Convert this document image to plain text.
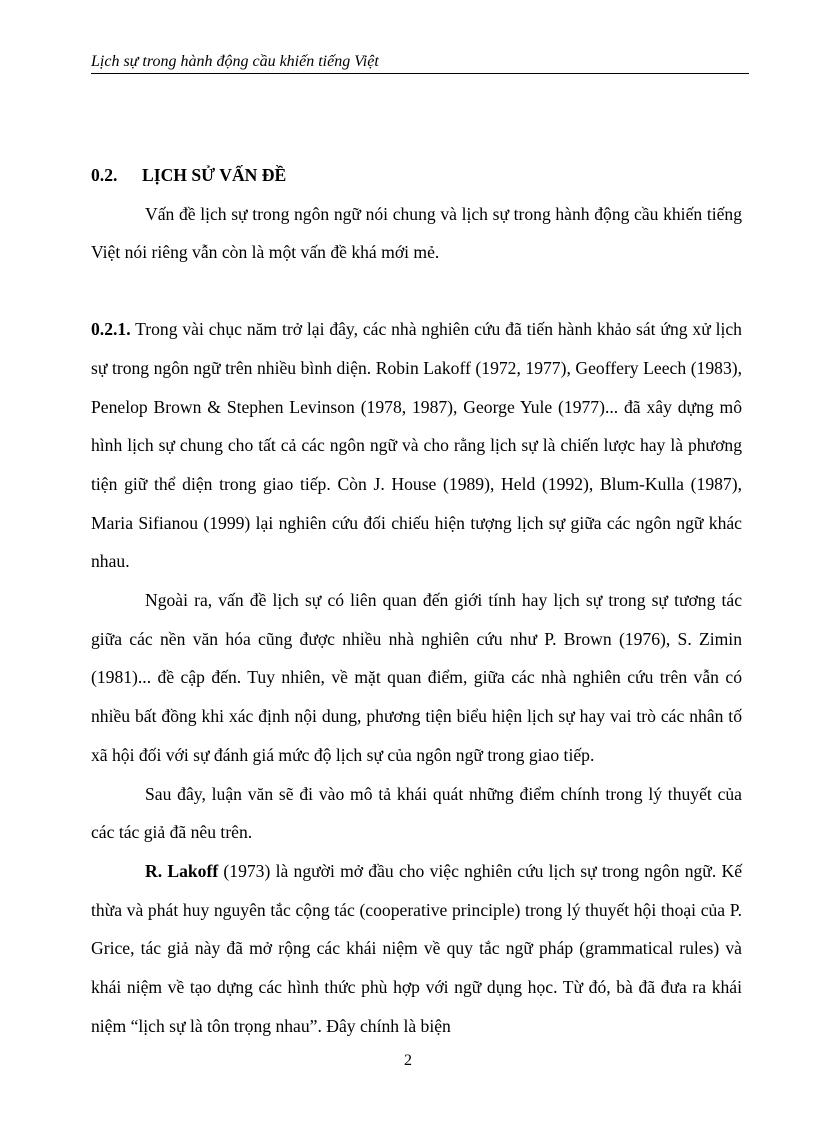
Lịch sự trong hành động cầu khiến tiếng Việt

0.2. LỊCH SỬ VẤN ĐỀ

Vấn đề lịch sự trong ngôn ngữ nói chung và lịch sự trong hành động cầu khiến tiếng Việt nói riêng vẫn còn là một vấn đề khá mới mẻ.

0.2.1. Trong vài chục năm trở lại đây, các nhà nghiên cứu đã tiến hành khảo sát ứng xử lịch sự trong ngôn ngữ trên nhiều bình diện. Robin Lakoff (1972, 1977), Geoffery Leech (1983), Penelop Brown & Stephen Levinson (1978, 1987), George Yule (1977)... đã xây dựng mô hình lịch sự chung cho tất cả các ngôn ngữ và cho rằng lịch sự là chiến lược hay là phương tiện giữ thể diện trong giao tiếp. Còn J. House (1989), Held (1992), Blum-Kulla (1987), Maria Sifianou (1999) lại nghiên cứu đối chiếu hiện tượng lịch sự giữa các ngôn ngữ khác nhau.

Ngoài ra, vấn đề lịch sự có liên quan đến giới tính hay lịch sự trong sự tương tác giữa các nền văn hóa cũng được nhiều nhà nghiên cứu như P. Brown (1976), S. Zimin (1981)... đề cập đến. Tuy nhiên, về mặt quan điểm, giữa các nhà nghiên cứu trên vẫn có nhiều bất đồng khi xác định nội dung, phương tiện biểu hiện lịch sự hay vai trò các nhân tố xã hội đối với sự đánh giá mức độ lịch sự của ngôn ngữ trong giao tiếp.

Sau đây, luận văn sẽ đi vào mô tả khái quát những điểm chính trong lý thuyết của các tác giả đã nêu trên.

R. Lakoff (1973) là người mở đầu cho việc nghiên cứu lịch sự trong ngôn ngữ. Kế thừa và phát huy nguyên tắc cộng tác (cooperative principle) trong lý thuyết hội thoại của P. Grice, tác giả này đã mở rộng các khái niệm về quy tắc ngữ pháp (grammatical rules) và khái niệm về tạo dựng các hình thức phù hợp với ngữ dụng học. Từ đó, bà đã đưa ra khái niệm “lịch sự là tôn trọng nhau”. Đây chính là biện

2
